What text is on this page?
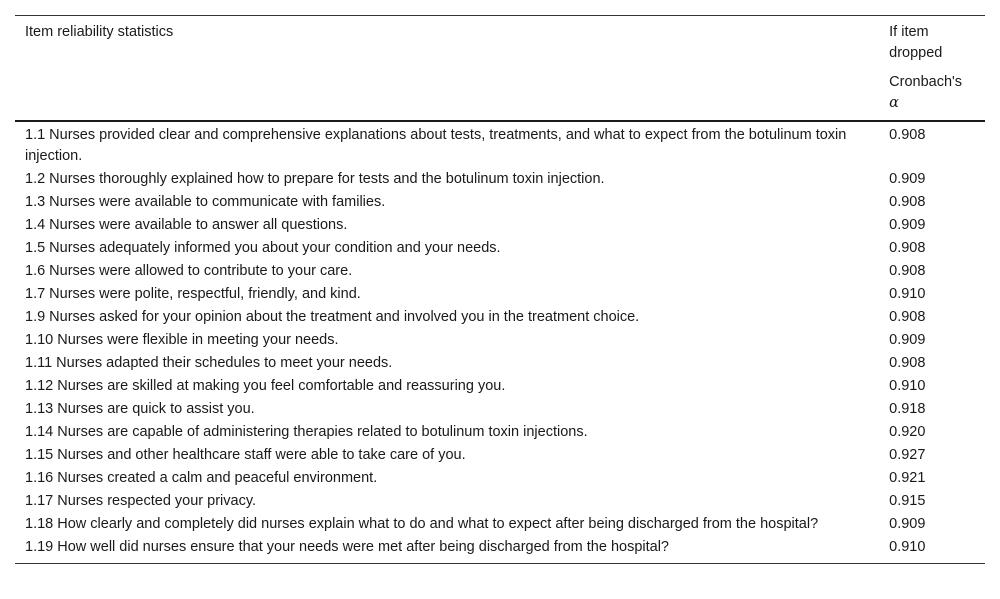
Item reliability statistics	If item
dropped
	Cronbach's
α
1.1 Nurses provided clear and comprehensive explanations about tests, treatments, and what to expect from the botulinum toxin injection.	0.908
1.2 Nurses thoroughly explained how to prepare for tests and the botulinum toxin injection.	0.909
1.3 Nurses were available to communicate with families.	0.908
1.4 Nurses were available to answer all questions.	0.909
1.5 Nurses adequately informed you about your condition and your needs.	0.908
1.6 Nurses were allowed to contribute to your care.	0.908
1.7 Nurses were polite, respectful, friendly, and kind.	0.910
1.9 Nurses asked for your opinion about the treatment and involved you in the treatment choice.	0.908
1.10 Nurses were flexible in meeting your needs.	0.909
1.11 Nurses adapted their schedules to meet your needs.	0.908
1.12 Nurses are skilled at making you feel comfortable and reassuring you.	0.910
1.13 Nurses are quick to assist you.	0.918
1.14 Nurses are capable of administering therapies related to botulinum toxin injections.	0.920
1.15 Nurses and other healthcare staff were able to take care of you.	0.927
1.16 Nurses created a calm and peaceful environment.	0.921
1.17 Nurses respected your privacy.	0.915
1.18 How clearly and completely did nurses explain what to do and what to expect after being discharged from the hospital?	0.909
1.19 How well did nurses ensure that your needs were met after being discharged from the hospital?	0.910
